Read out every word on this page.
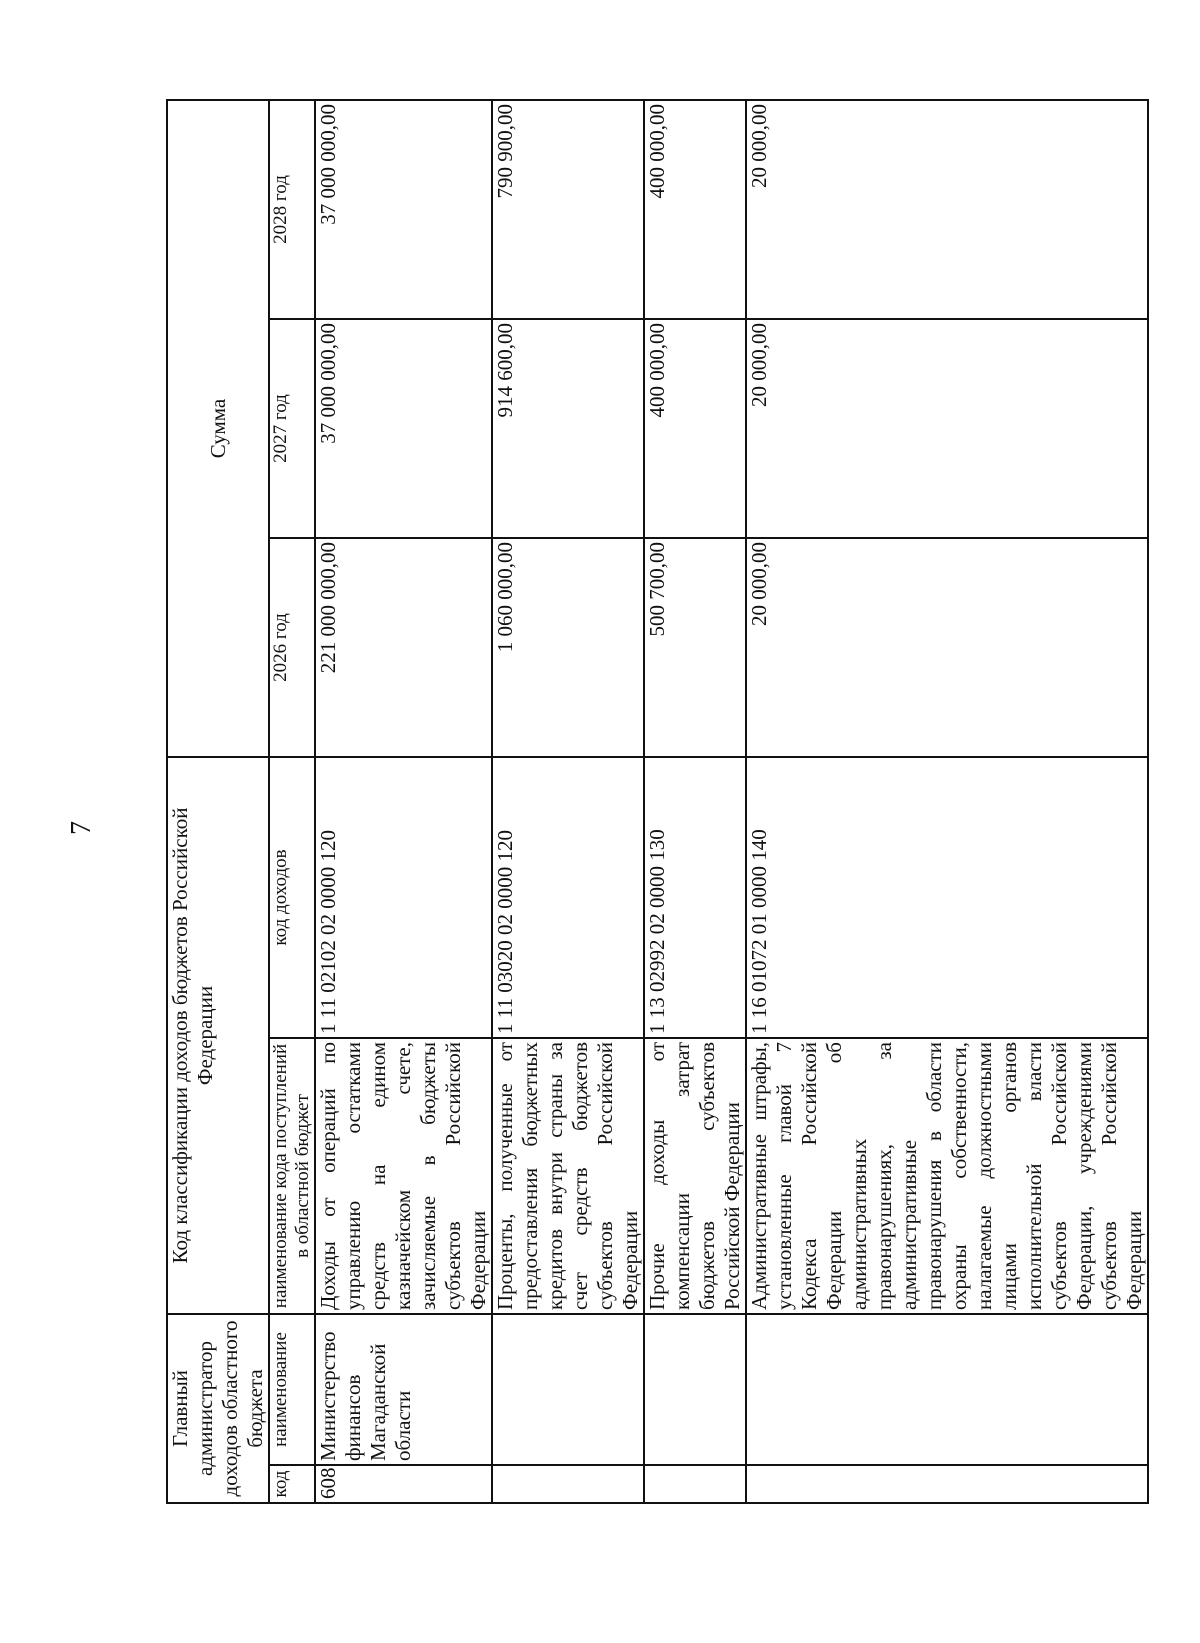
7
Главный администратор доходов областного бюджета		Код классификации доходов бюджетов Российской Федерации		Сумма		
код	наименование	наименование кода поступлений в областной бюджет	код доходов	2026 год	2027 год	2028 год
608	Министерство финансов Магаданской области	Доходы от операций по управлению остатками средств на едином казначейском счете, зачисляемые в бюджеты субъектов Российской Федерации	1 11 02102 02 0000 120	221 000 000,00	37 000 000,00	37 000 000,00
		Проценты, полученные от предоставления бюджетных кредитов внутри страны за счет средств бюджетов субъектов Российской Федерации	1 11 03020 02 0000 120	1 060 000,00	914 600,00	790 900,00
		Прочие доходы от компенсации затрат бюджетов субъектов Российской Федерации	1 13 02992 02 0000 130	500 700,00	400 000,00	400 000,00
		Административные штрафы, установленные главой 7 Кодекса Российской Федерации об административных правонарушениях, за административные правонарушения в области охраны собственности, налагаемые должностными лицами органов исполнительной власти субъектов Российской Федерации, учреждениями субъектов Российской Федерации	1 16 01072 01 0000 140	20 000,00	20 000,00	20 000,00
